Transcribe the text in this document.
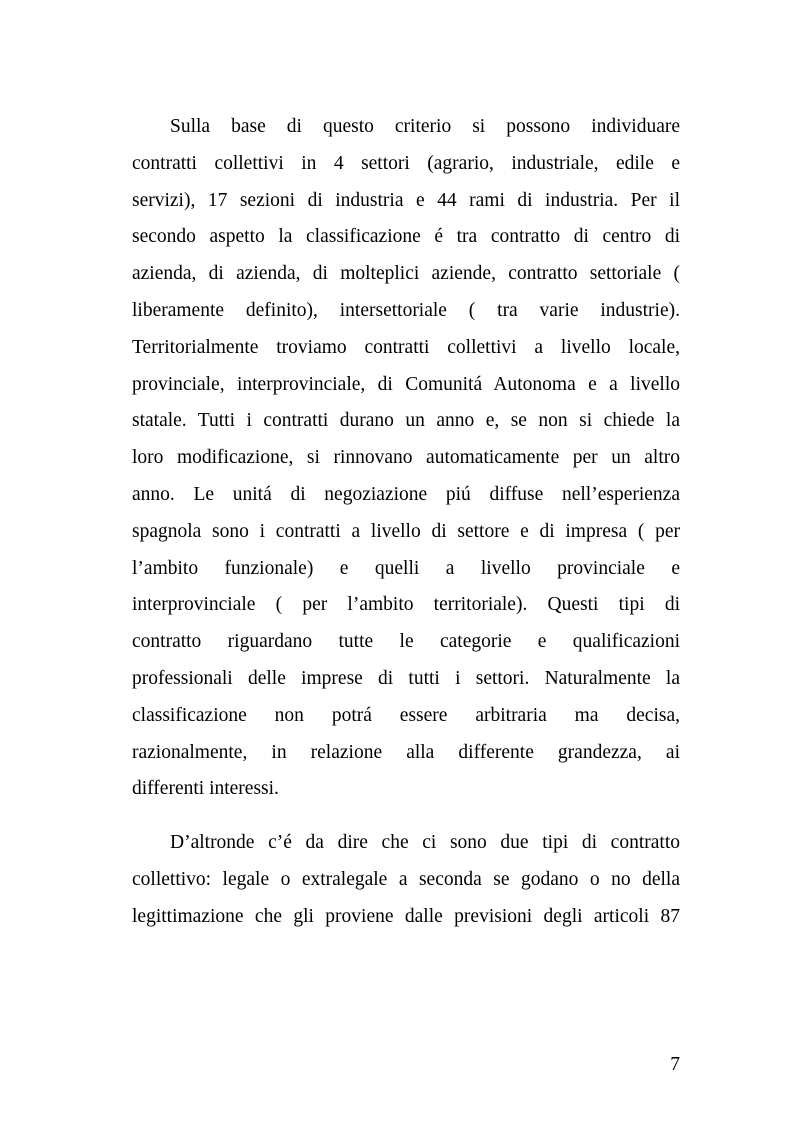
Sulla base di questo criterio si possono individuare
contratti collettivi in 4 settori (agrario, industriale, edile e
servizi), 17 sezioni di industria e 44 rami di industria. Per il
secondo aspetto la classificazione é tra contratto di centro di
azienda, di azienda, di molteplici aziende, contratto settoriale (
liberamente definito), intersettoriale ( tra varie industrie).
Territorialmente troviamo contratti collettivi a livello locale,
provinciale, interprovinciale, di Comunitá Autonoma e a livello
statale. Tutti i contratti durano un anno e, se non si chiede la
loro modificazione, si rinnovano automaticamente per un altro
anno. Le unitá di negoziazione piú diffuse nell’esperienza
spagnola sono i contratti a livello di settore e di impresa ( per
l’ambito funzionale) e quelli a livello provinciale e
interprovinciale ( per l’ambito territoriale). Questi tipi di
contratto riguardano tutte le categorie e qualificazioni
professionali delle imprese di tutti i settori. Naturalmente la
classificazione non potrá essere arbitraria ma decisa,
razionalmente, in relazione alla differente grandezza, ai
differenti interessi.
D’altronde c’é da dire che ci sono due tipi di contratto
collettivo: legale o extralegale a seconda se godano o no della
legittimazione che gli proviene dalle previsioni degli articoli 87
7
